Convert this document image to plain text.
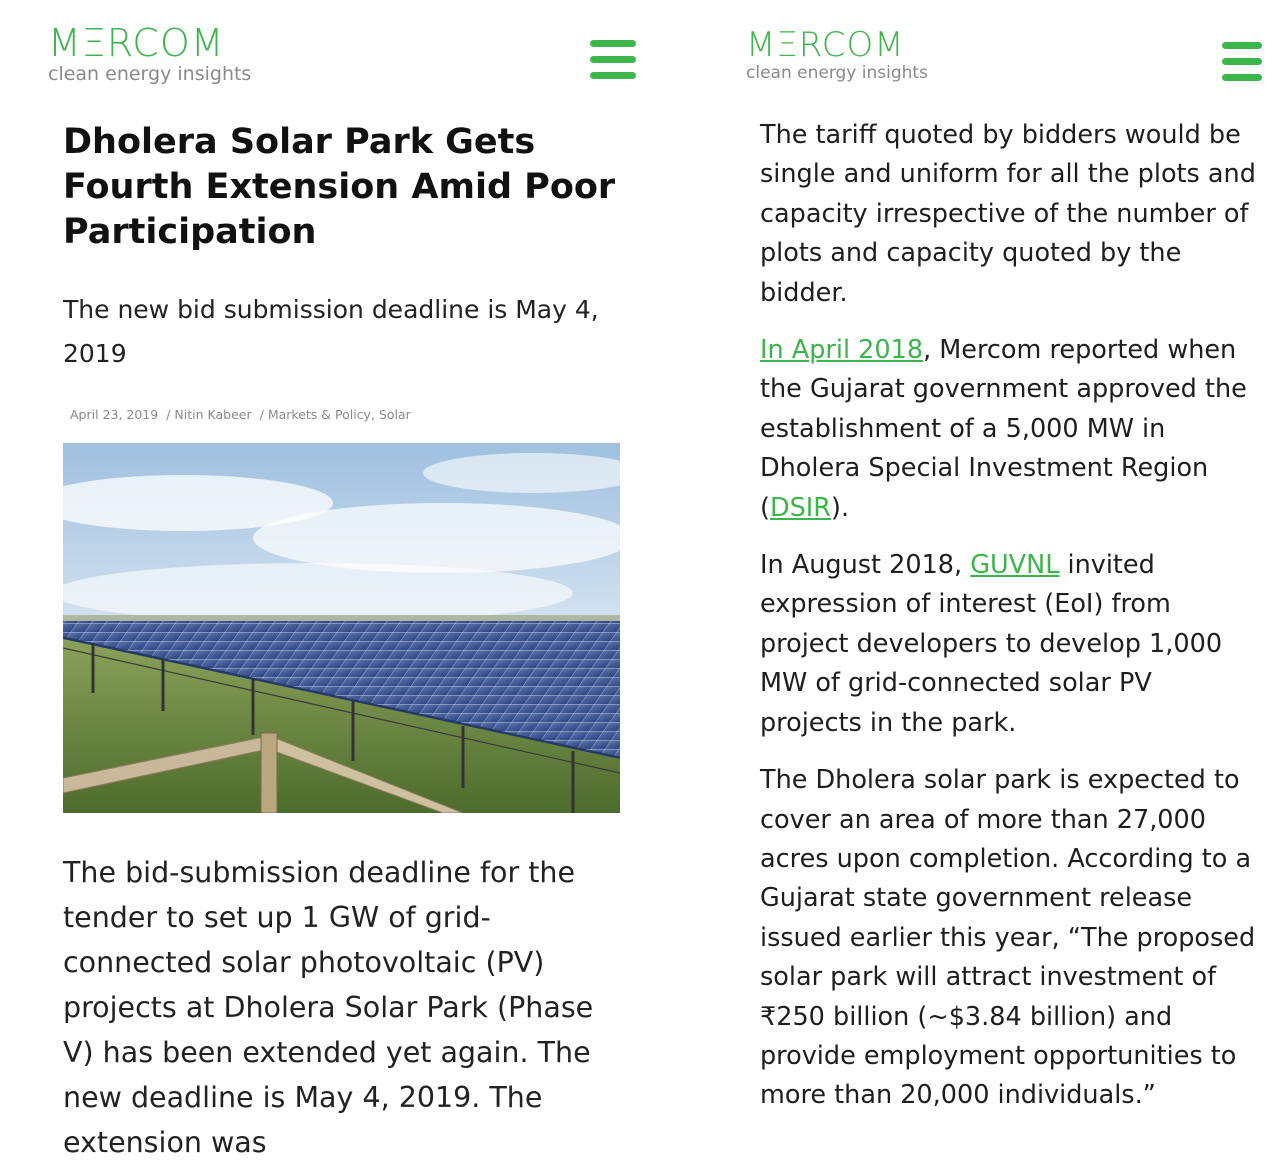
MΞRCOM
clean energy insights
Dholera Solar Park Gets Fourth Extension Amid Poor Participation
The new bid submission deadline is May 4, 2019
April 23, 2019 / Nitin Kabeer / Markets & Policy, Solar
The bid-submission deadline for the tender to set up 1 GW of grid-connected solar photovoltaic (PV) projects at Dholera Solar Park (Phase V) has been extended yet again. The new deadline is May 4, 2019. The extension was
MΞRCOM
clean energy insights

The tariff quoted by bidders would be single and uniform for all the plots and capacity irrespective of the number of plots and capacity quoted by the bidder.

In April 2018, Mercom reported when the Gujarat government approved the establishment of a 5,000 MW in Dholera Special Investment Region (DSIR).

In August 2018, GUVNL invited expression of interest (EoI) from project developers to develop 1,000 MW of grid-connected solar PV projects in the park.

The Dholera solar park is expected to cover an area of more than 27,000 acres upon completion. According to a Gujarat state government release issued earlier this year, “The proposed solar park will attract investment of ₹250 billion (~$3.84 billion) and provide employment opportunities to more than 20,000 individuals.”
